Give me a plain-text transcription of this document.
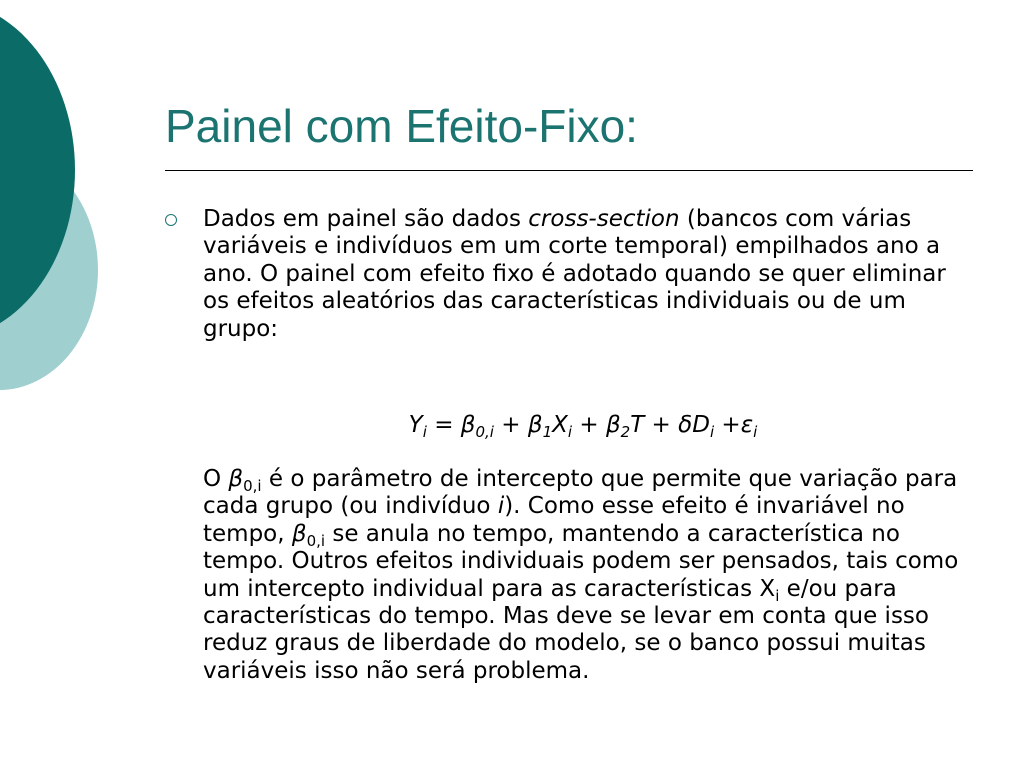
Painel com Efeito-Fixo:

Dados em painel são dados cross-section (bancos com várias variáveis e indivíduos em um corte temporal) empilhados ano a ano. O painel com efeito fixo é adotado quando se quer eliminar os efeitos aleatórios das características individuais ou de um grupo:

$Y_i = \beta_{0,i} + \beta_1X_i + \beta_2T + \delta D_i +\varepsilon_i$

O $\beta_{0,i}$ é o parâmetro de intercepto que permite que variação para cada grupo (ou indivíduo i). Como esse efeito é invariável no tempo, $\beta_{0,i}$ se anula no tempo, mantendo a característica no tempo. Outros efeitos individuais podem ser pensados, tais como um intercepto individual para as características $X_i$ e/ou para características do tempo. Mas deve se levar em conta que isso reduz graus de liberdade do modelo, se o banco possui muitas variáveis isso não será problema.
